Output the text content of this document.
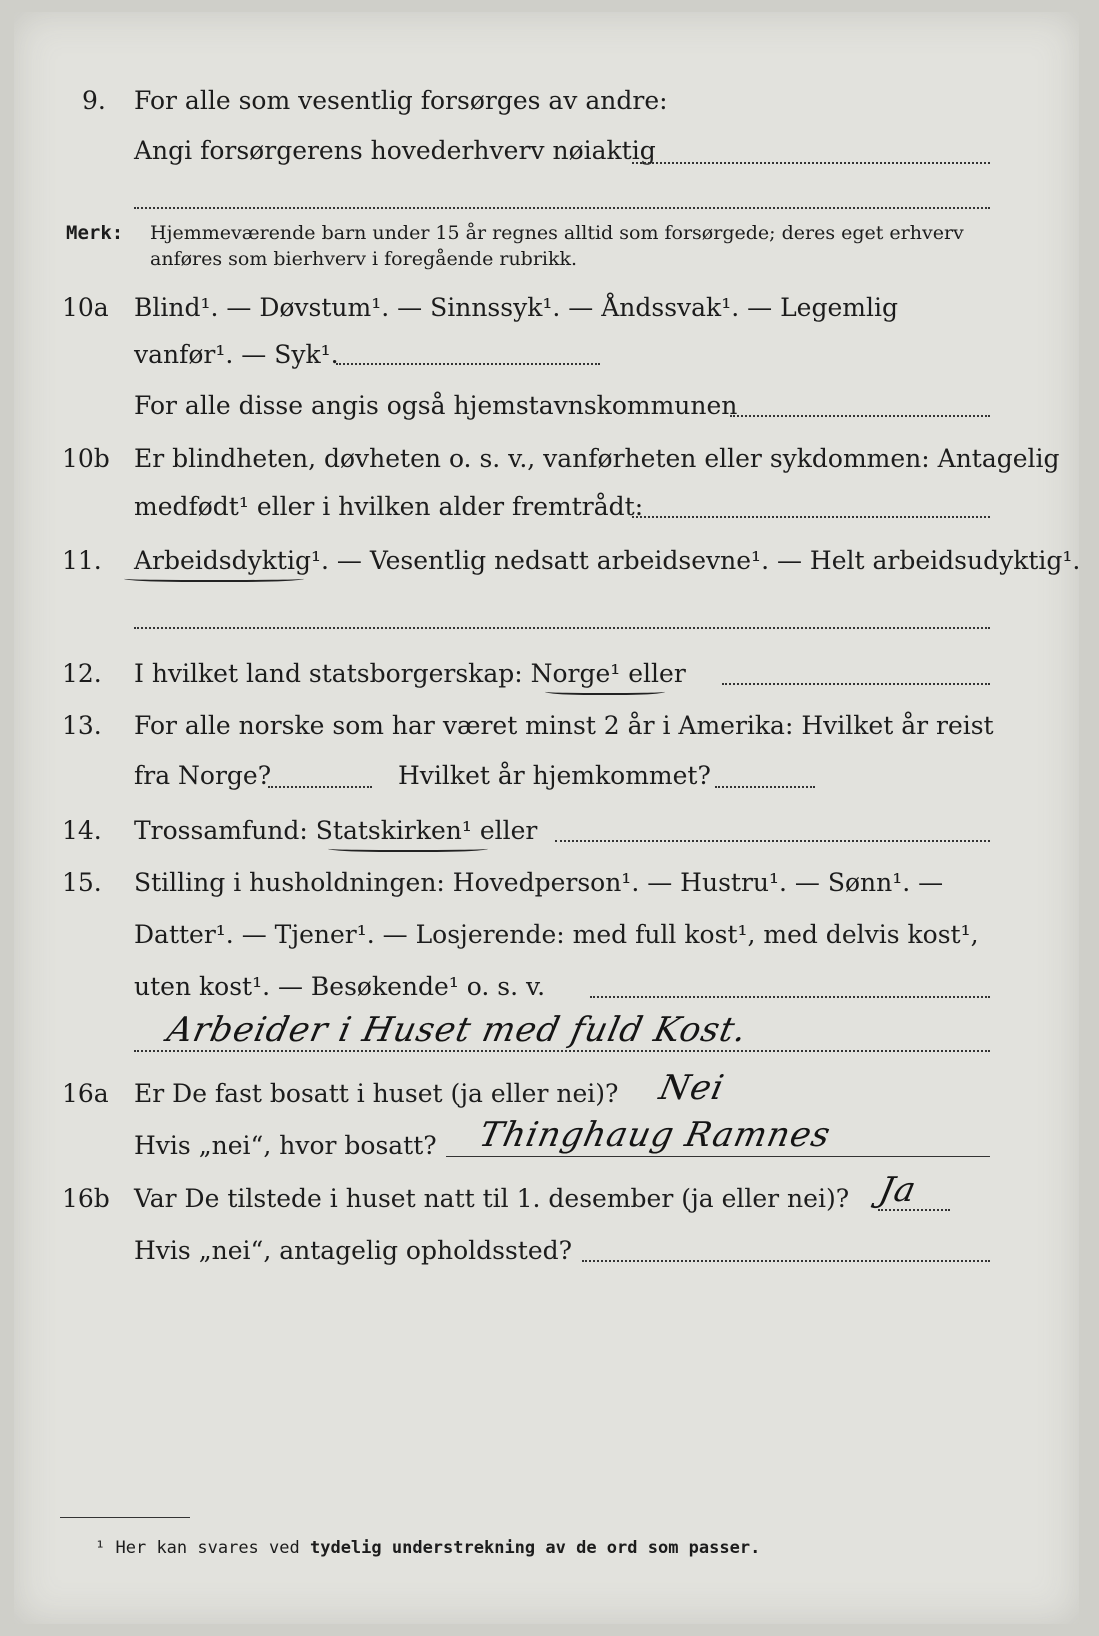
9. For alle som vesentlig forsørges av andre:
Angi forsørgerens hovederhverv nøiaktig
Merk: Hjemmeværende barn under 15 år regnes alltid som forsørgede; deres eget erhverv
anføres som bierhverv i foregående rubrikk.
10a Blind¹. — Døvstum¹. — Sinnssyk¹. — Åndssvak¹. — Legemlig
vanfør¹. — Syk¹.
For alle disse angis også hjemstavnskommunen
10b Er blindheten, døvheten o. s. v., vanførheten eller sykdommen: Antagelig
medfødt¹ eller i hvilken alder fremtrådt:
11. Arbeidsdyktig¹. — Vesentlig nedsatt arbeidsevne¹. — Helt arbeidsudyktig¹.
12. I hvilket land statsborgerskap: Norge¹ eller
13. For alle norske som har været minst 2 år i Amerika: Hvilket år reist
fra Norge?	Hvilket år hjemkommet?
14. Trossamfund: Statskirken¹ eller
15. Stilling i husholdningen: Hovedperson¹. — Hustru¹. — Sønn¹. —
Datter¹. — Tjener¹. — Losjerende: med full kost¹, med delvis kost¹,
uten kost¹. — Besøkende¹ o. s. v.
Arbeider i Huset med fuld Kost.
16a Er De fast bosatt i huset (ja eller nei)? Nei
Hvis „nei“, hvor bosatt? Thinghaug Ramnes
16b Var De tilstede i huset natt til 1. desember (ja eller nei)? Ja
Hvis „nei“, antagelig opholdssted?
¹ Her kan svares ved tydelig understrekning av de ord som passer.
